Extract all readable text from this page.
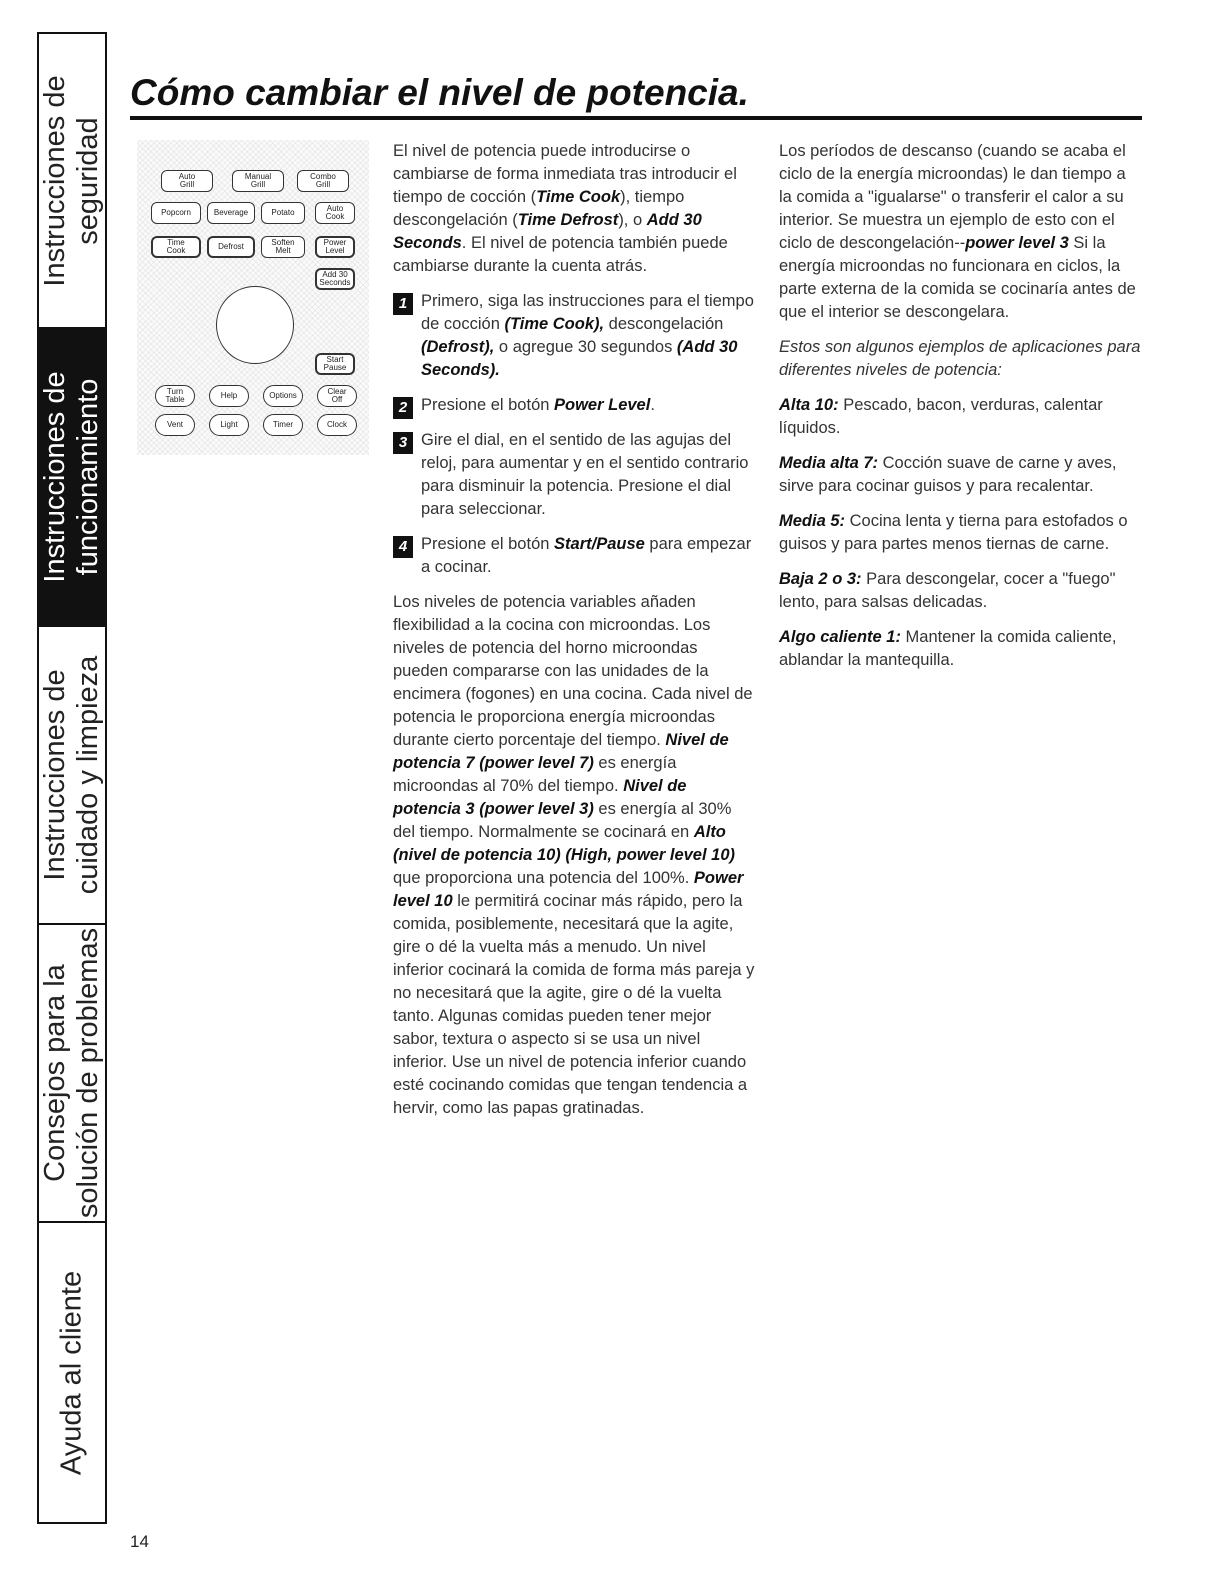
Instrucciones de seguridad
Instrucciones de funcionamiento
Instrucciones de cuidado y limpieza
Consejos para la solución de problemas
Ayuda al cliente
Cómo cambiar el nivel de potencia.
Auto
Grill
Manual
Grill
Combo
Grill
Popcorn	Beverage	Potato	Auto
Cook
Time
Cook	Defrost	Soften
Melt
Power
Level
Add 30
Seconds
Start
Pause
Turn
Table	Help	Options	Clear
Off
Vent	Light	Timer	Clock

El nivel de potencia puede introducirse o cambiarse de forma inmediata tras introducir el tiempo de cocción (Time Cook), tiempo descongelación (Time Defrost), o Add 30 Seconds. El nivel de potencia también puede cambiarse durante la cuenta atrás.

1 Primero, siga las instrucciones para el tiempo de cocción (Time Cook), descongelación (Defrost), o agregue 30 segundos (Add 30 Seconds).
2 Presione el botón Power Level.
3 Gire el dial, en el sentido de las agujas del reloj, para aumentar y en el sentido contrario para disminuir la potencia. Presione el dial para seleccionar.
4 Presione el botón Start/Pause para empezar a cocinar.

Los niveles de potencia variables añaden flexibilidad a la cocina con microondas. Los niveles de potencia del horno microondas pueden compararse con las unidades de la encimera (fogones) en una cocina. Cada nivel de potencia le proporciona energía microondas durante cierto porcentaje del tiempo. Nivel de potencia 7 (power level 7) es energía microondas al 70% del tiempo. Nivel de potencia 3 (power level 3) es energía al 30% del tiempo. Normalmente se cocinará en Alto (nivel de potencia 10) (High, power level 10) que proporciona una potencia del 100%. Power level 10 le permitirá cocinar más rápido, pero la comida, posiblemente, necesitará que la agite, gire o dé la vuelta más a menudo. Un nivel inferior cocinará la comida de forma más pareja y no necesitará que la agite, gire o dé la vuelta tanto. Algunas comidas pueden tener mejor sabor, textura o aspecto si se usa un nivel inferior. Use un nivel de potencia inferior cuando esté cocinando comidas que tengan tendencia a hervir, como las papas gratinadas.

Los períodos de descanso (cuando se acaba el ciclo de la energía microondas) le dan tiempo a la comida a "igualarse" o transferir el calor a su interior. Se muestra un ejemplo de esto con el ciclo de descongelación--power level 3 Si la energía microondas no funcionara en ciclos, la parte externa de la comida se cocinaría antes de que el interior se descongelara.

Estos son algunos ejemplos de aplicaciones para diferentes niveles de potencia:

Alta 10: Pescado, bacon, verduras, calentar líquidos.

Media alta 7: Cocción suave de carne y aves, sirve para cocinar guisos y para recalentar.

Media 5: Cocina lenta y tierna para estofados o guisos y para partes menos tiernas de carne.

Baja 2 o 3: Para descongelar, cocer a "fuego" lento, para salsas delicadas.

Algo caliente 1: Mantener la comida caliente, ablandar la mantequilla.

14
